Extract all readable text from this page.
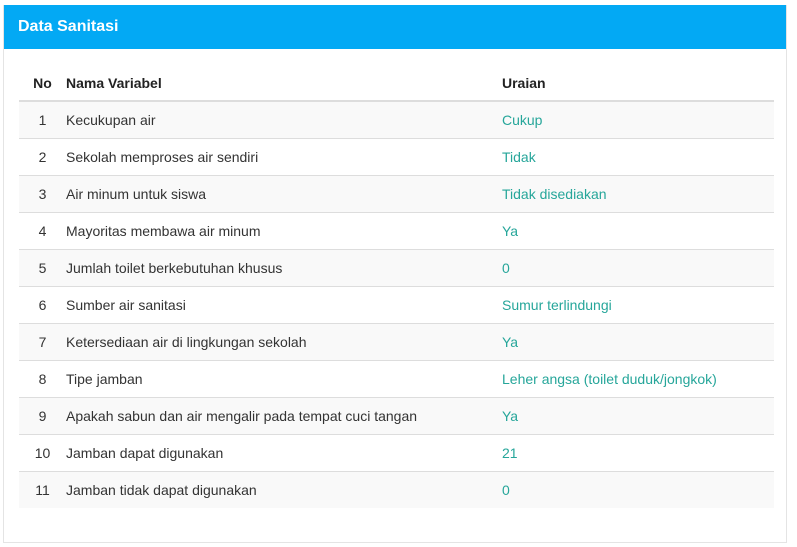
Data Sanitasi
No	Nama Variabel	Uraian
1	Kecukupan air	Cukup
2	Sekolah memproses air sendiri	Tidak
3	Air minum untuk siswa	Tidak disediakan
4	Mayoritas membawa air minum	Ya
5	Jumlah toilet berkebutuhan khusus	0
6	Sumber air sanitasi	Sumur terlindungi
7	Ketersediaan air di lingkungan sekolah	Ya
8	Tipe jamban	Leher angsa (toilet duduk/jongkok)
9	Apakah sabun dan air mengalir pada tempat cuci tangan	Ya
10	Jamban dapat digunakan	21
11	Jamban tidak dapat digunakan	0
